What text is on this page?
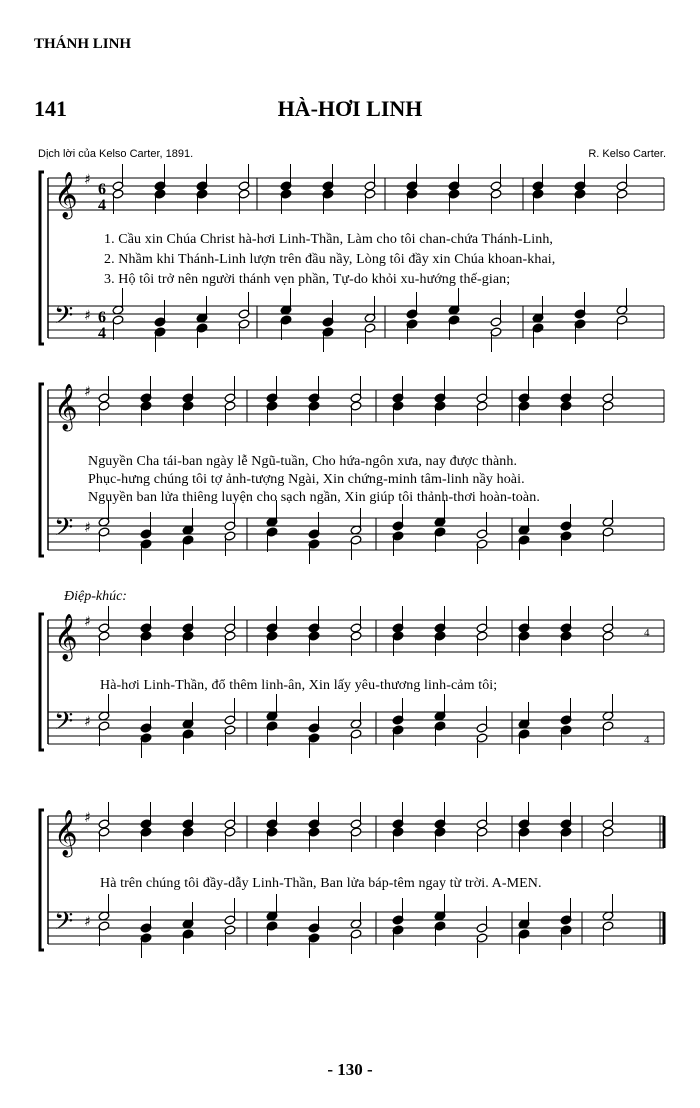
THÁNH LINH
141	HÀ-HƠI LINH
Dịch lời của Kelso Carter, 1891.	R. Kelso Carter.
𝄞 ♯
6
4
𝄢 ♯ 6
4
𝄞 ♯
𝄢 ♯
𝄞 ♯
𝄢 ♯
𝄞 ♯
𝄢 ♯
4
4
1. Cầu xin Chúa Christ hà-hơi Linh-Thần, Làm cho tôi chan-chứa Thánh-Linh,
2. Nhầm khi Thánh-Linh lượn trên đầu nầy, Lòng tôi đầy xin Chúa khoan-khai,
3. Hộ tôi trở nên người thánh vẹn phần, Tự-do khỏi xu-hướng thế-gian;
Nguyền Cha tái-ban ngày lễ Ngũ-tuần, Cho hứa-ngôn xưa, nay được thành.
Phục-hưng chúng tôi tợ ảnh-tượng Ngài, Xin chứng-minh tâm-linh nầy hoài.
Nguyền ban lửa thiêng luyện cho sạch ngần, Xin giúp tôi thảnh-thơi hoàn-toàn.
Điệp-khúc:
Hà-hơi Linh-Thần, đổ thêm linh-ân, Xin lấy yêu-thương linh-cảm tôi;
Hà trên chúng tôi đầy-dẫy Linh-Thần, Ban lửa báp-têm ngay từ trời. A-MEN.
- 130 -
